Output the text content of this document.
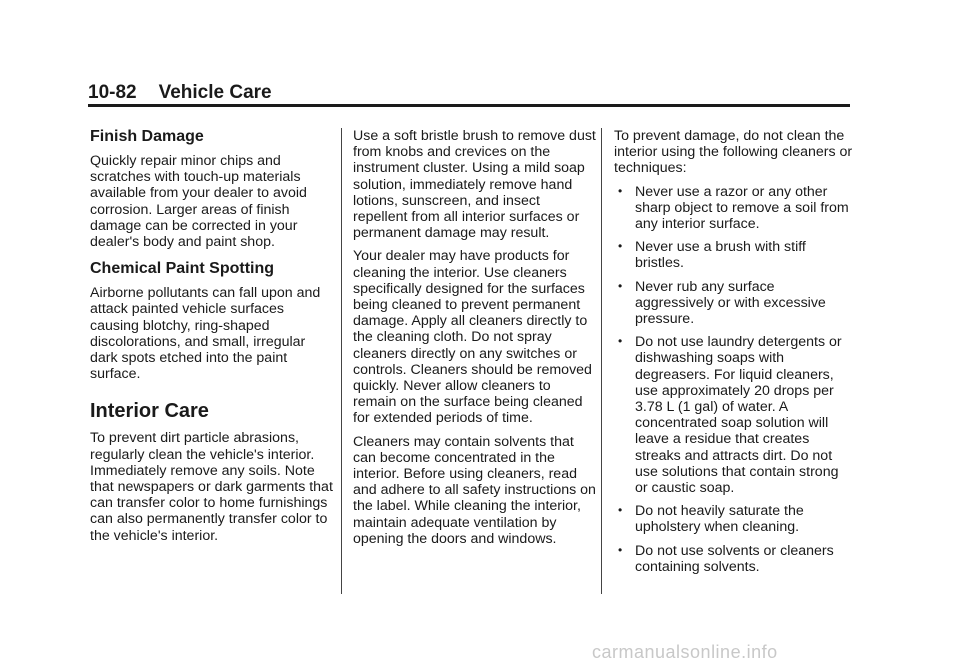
10-82 Vehicle Care
Finish Damage

Quickly repair minor chips and scratches with touch-up materials available from your dealer to avoid corrosion. Larger areas of finish damage can be corrected in your dealer's body and paint shop.

Chemical Paint Spotting

Airborne pollutants can fall upon and attack painted vehicle surfaces causing blotchy, ring-shaped discolorations, and small, irregular dark spots etched into the paint surface.

Interior Care

To prevent dirt particle abrasions, regularly clean the vehicle's interior. Immediately remove any soils. Note that newspapers or dark garments that can transfer color to home furnishings can also permanently transfer color to the vehicle's interior.

Use a soft bristle brush to remove dust from knobs and crevices on the instrument cluster. Using a mild soap solution, immediately remove hand lotions, sunscreen, and insect repellent from all interior surfaces or permanent damage may result.

Your dealer may have products for cleaning the interior. Use cleaners specifically designed for the surfaces being cleaned to prevent permanent damage. Apply all cleaners directly to the cleaning cloth. Do not spray cleaners directly on any switches or controls. Cleaners should be removed quickly. Never allow cleaners to remain on the surface being cleaned for extended periods of time.

Cleaners may contain solvents that can become concentrated in the interior. Before using cleaners, read and adhere to all safety instructions on the label. While cleaning the interior, maintain adequate ventilation by opening the doors and windows.

To prevent damage, do not clean the interior using the following cleaners or techniques:

• Never use a razor or any other sharp object to remove a soil from any interior surface.
• Never use a brush with stiff bristles.
• Never rub any surface aggressively or with excessive pressure.
• Do not use laundry detergents or dishwashing soaps with degreasers. For liquid cleaners, use approximately 20 drops per 3.78 L (1 gal) of water. A concentrated soap solution will leave a residue that creates streaks and attracts dirt. Do not use solutions that contain strong or caustic soap.
• Do not heavily saturate the upholstery when cleaning.
• Do not use solvents or cleaners containing solvents.
carmanualsonline.info
